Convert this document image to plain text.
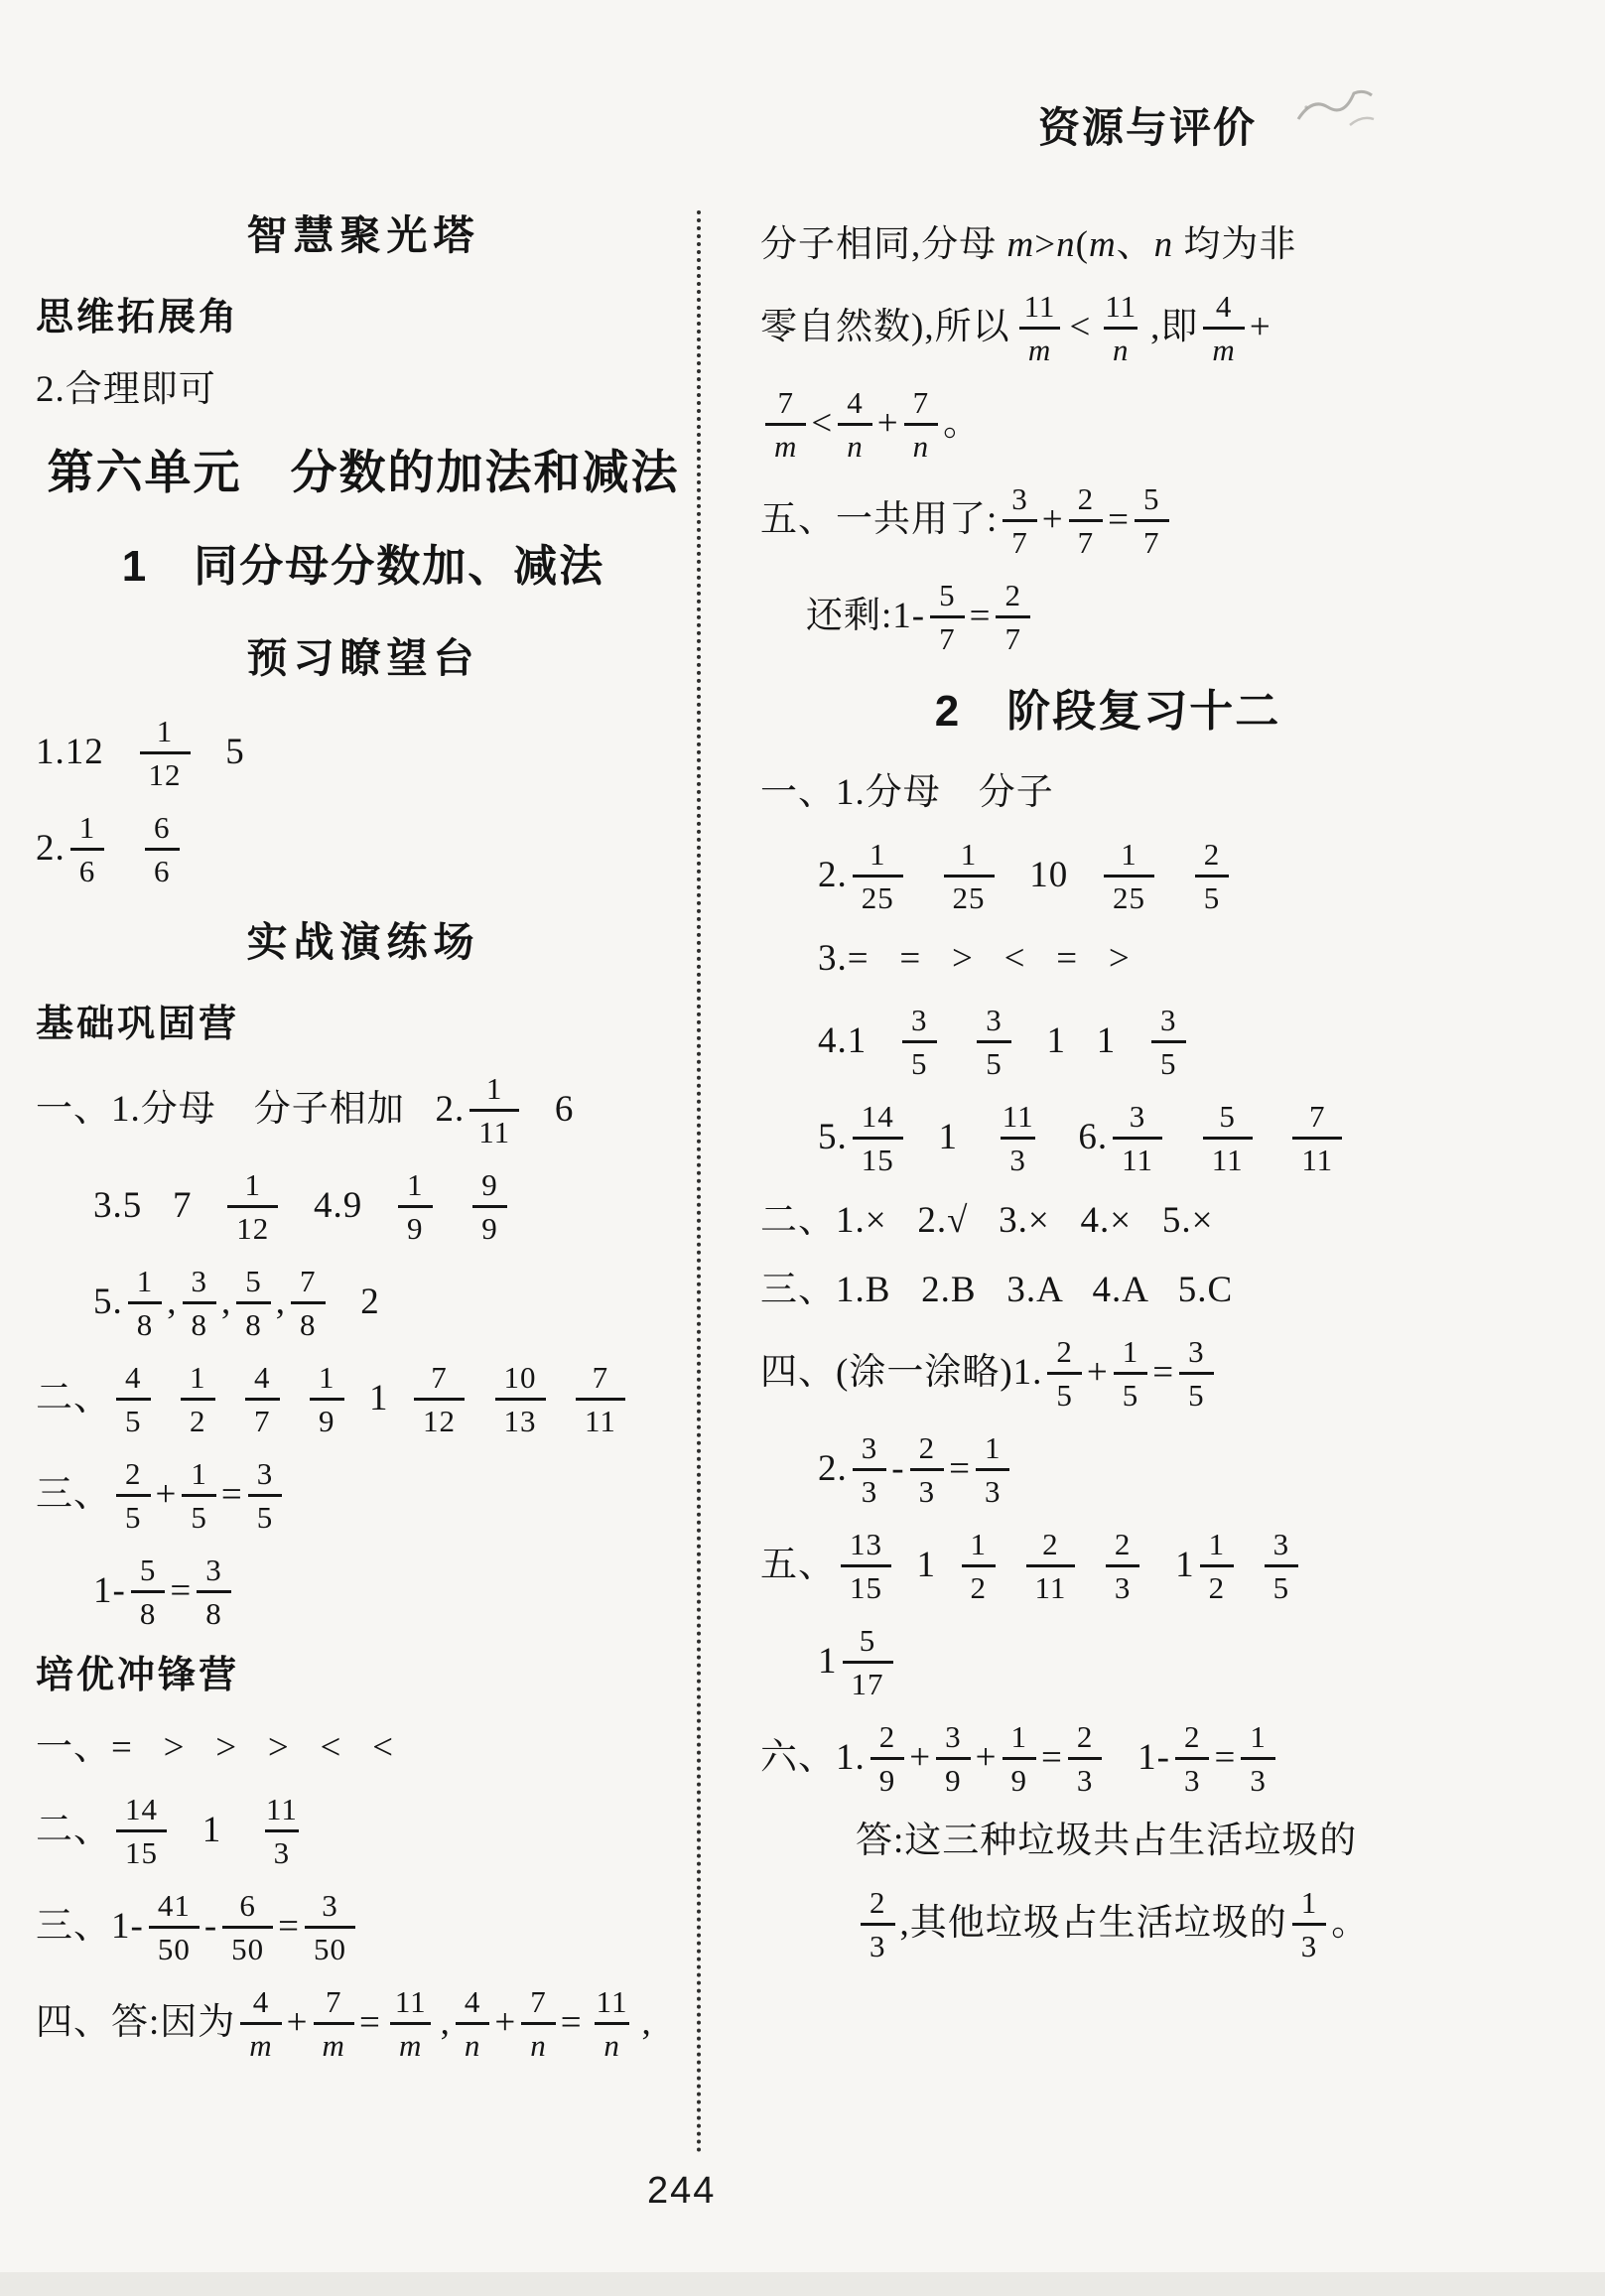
资源与评价
智慧聚光塔
思维拓展角
2.合理即可
第六单元　分数的加法和减法
1　同分母分数加、减法
预习瞭望台
$1.12 \frac{1}{12} 5$
2. $\frac{1}{6}$
$\frac{6}{6}$
实战演练场
基础巩固营
一、1.分母　分子相加   2. $\frac{1}{11} 6$
3.5   $7 \frac{1}{12} 4.9 \frac{1}{9}$
$\frac{9}{9}$
5. $\frac{1}{8}$ , $\frac{3}{8}$ , $\frac{5}{8}$ , $\frac{7}{8} 2$
二、 $\frac{4}{5}$
$\frac{1}{2}$
$\frac{4}{7}$
$\frac{1}{9} 1 \frac{7}{12}$
$\frac{10}{13}$
$\frac{7}{11}$
三、 $\frac{2}{5} + \frac{1}{5} = \frac{3}{5}$
$1- \frac{5}{8} = \frac{3}{8}$
培优冲锋营
一、=   >   >   >   <   <
二、 $\frac{14}{15} 1 \frac{11}{3}$
三、$1- \frac{41}{50} - \frac{6}{50} = \frac{3}{50}$
四、答:因为 $\frac{4}{m} + \frac{7}{m} = \frac{11}{m}$ , $\frac{4}{n} + \frac{7}{n} = \frac{11}{n}$ ,
分子相同,分母 m>n(m、n 均为非
零自然数),所以 $\frac{11}{m} < \frac{11}{n}$ ,即 $\frac{4}{m}$ +
$\frac{7}{m} < \frac{4}{n} + \frac{7}{n}$ 。
五、一共用了: $\frac{3}{7} + \frac{2}{7} = \frac{5}{7}$
还剩:1- $\frac{5}{7} = \frac{2}{7}$
2　阶段复习十二
一、1.分母　分子
2. $\frac{1}{25}$
$\frac{1}{25} 10 \frac{1}{25}$
$\frac{2}{5}$
3.=   =   >   <   =   >
$4.1 \frac{3}{5}$
$\frac{3}{5} 1$   $1 \frac{3}{5}$
5. $\frac{14}{15} 1 \frac{11}{3} 6$. $\frac{3}{11}$
$\frac{5}{11}$
$\frac{7}{11}$
二、1.×   2.√   3.×   4.×   5.×
三、1.B   2.B   3.A   4.A   5.C
四、(涂一涂略)1. $\frac{2}{5} + \frac{1}{5} = \frac{3}{5}$
2. $\frac{3}{3} - \frac{2}{3} = \frac{1}{3}$
五、 $\frac{13}{15} 1 \frac{1}{2}$
$\frac{2}{11}$
$\frac{2}{3} 1 \frac{1}{2}$
$\frac{3}{5}$
$1 \frac{5}{17}$
六、1. $\frac{2}{9} + \frac{3}{9} + \frac{1}{9} = \frac{2}{3} 1- \frac{2}{3} = \frac{1}{3}$
答:这三种垃圾共占生活垃圾的
$\frac{2}{3}$ ,其他垃圾占生活垃圾的 $\frac{1}{3}$ 。
244
